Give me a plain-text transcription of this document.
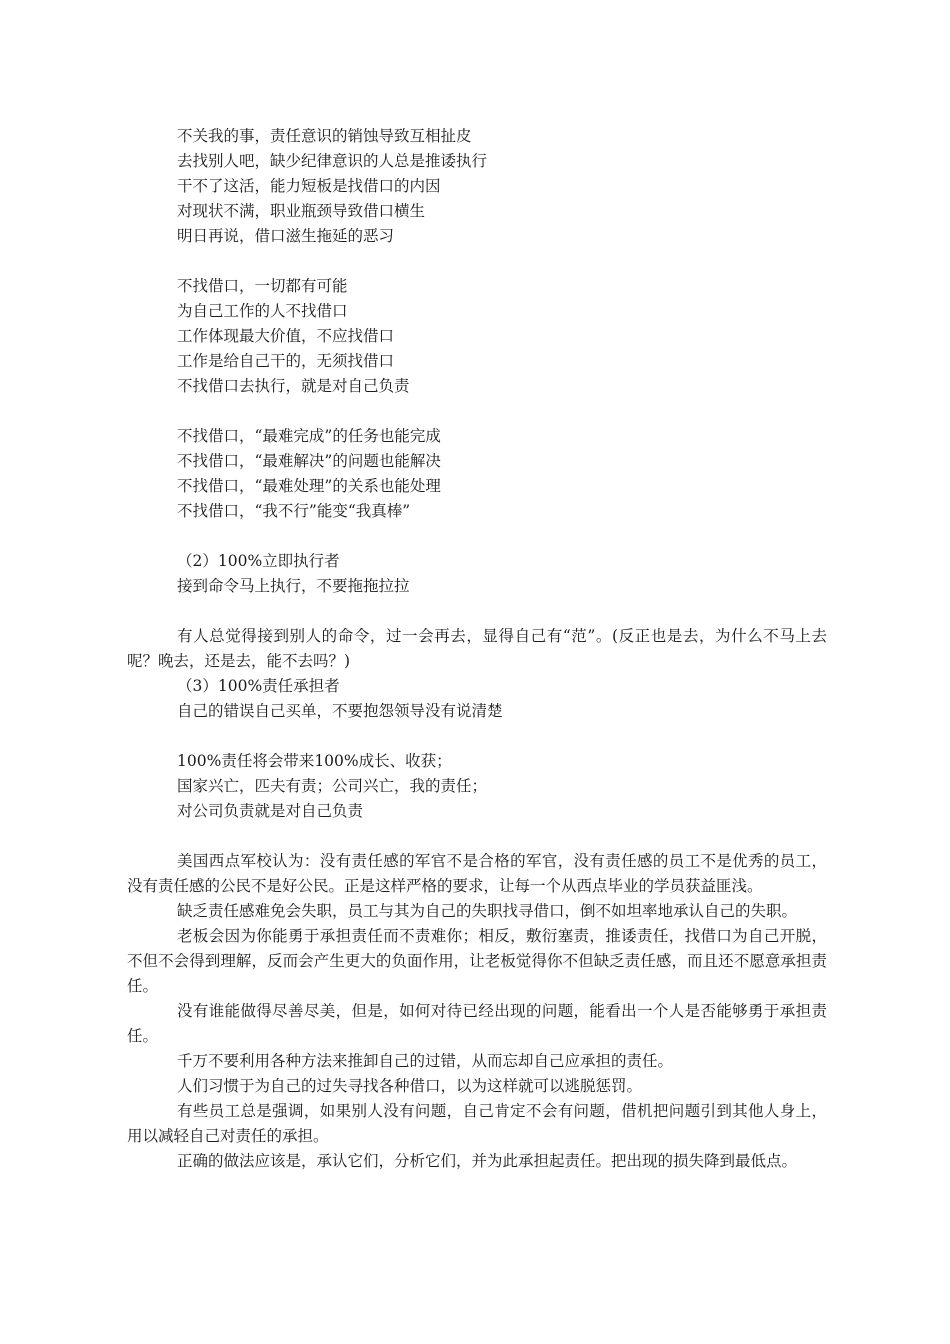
不关我的事，责任意识的销蚀导致互相扯皮
去找别人吧，缺少纪律意识的人总是推诿执行
干不了这活，能力短板是找借口的内因
对现状不满，职业瓶颈导致借口横生
明日再说，借口滋生拖延的恶习
不找借口，一切都有可能
为自己工作的人不找借口
工作体现最大价值，不应找借口
工作是给自己干的，无须找借口
不找借口去执行，就是对自己负责
不找借口，“最难完成”的任务也能完成
不找借口，“最难解决”的问题也能解决
不找借口，“最难处理”的关系也能处理
不找借口，“我不行”能变“我真棒”
（2）100%立即执行者
接到命令马上执行，不要拖拖拉拉

有人总觉得接到别人的命令，过一会再去，显得自己有“范”。(反正也是去，为什么不马上去呢？晚去，还是去，能不去吗？)

（3）100%责任承担者
自己的错误自己买单，不要抱怨领导没有说清楚
100%责任将会带来100%成长、收获；
国家兴亡，匹夫有责；公司兴亡，我的责任；
对公司负责就是对自己负责

美国西点军校认为：没有责任感的军官不是合格的军官，没有责任感的员工不是优秀的员工，没有责任感的公民不是好公民。正是这样严格的要求，让每一个从西点毕业的学员获益匪浅。

缺乏责任感难免会失职，员工与其为自己的失职找寻借口，倒不如坦率地承认自己的失职。

老板会因为你能勇于承担责任而不责难你；相反，敷衍塞责，推诿责任，找借口为自己开脱，不但不会得到理解，反而会产生更大的负面作用，让老板觉得你不但缺乏责任感，而且还不愿意承担责任。

没有谁能做得尽善尽美，但是，如何对待已经出现的问题，能看出一个人是否能够勇于承担责任。

千万不要利用各种方法来推卸自己的过错，从而忘却自己应承担的责任。

人们习惯于为自己的过失寻找各种借口，以为这样就可以逃脱惩罚。

有些员工总是强调，如果别人没有问题，自己肯定不会有问题，借机把问题引到其他人身上，用以减轻自己对责任的承担。

正确的做法应该是，承认它们，分析它们，并为此承担起责任。把出现的损失降到最低点。
